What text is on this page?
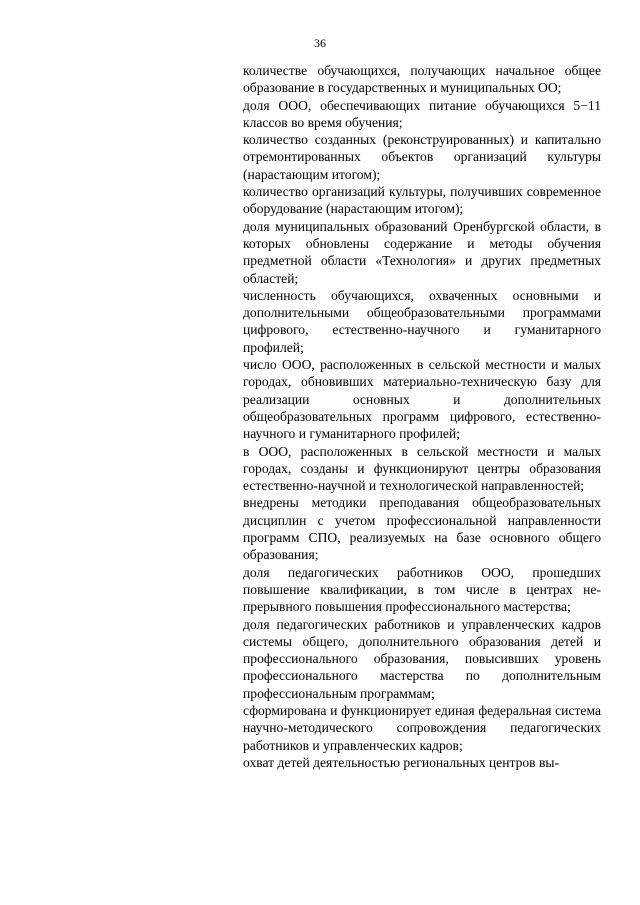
36

количестве обучающихся, получающих начальное общее образование в государственных и муниципальных ОО;

доля ООО, обеспечивающих питание обучающихся 5−11 классов во время обучения;

количество созданных (реконструированных) и капитально отремонтированных объектов организаций культуры (нарастающим итогом);

количество организаций культуры, получивших современное оборудование (нарастающим итогом);

доля муниципальных образований Оренбургской области, в которых обновлены содержание и методы обучения предметной области «Технология» и других предметных областей;

численность обучающихся, охваченных основными и дополнительными общеобразовательными программами цифрового, естественно-научного и гуманитарного профилей;

число ООО, расположенных в сельской местности и малых городах, обновивших материально-техническую базу для реализации основных и дополнительных общеобразовательных программ цифрового, естественно-научного и гуманитарного профилей;

в ООО, расположенных в сельской местности и малых городах, созданы и функционируют центры образования естественно-научной и технологической направленностей;

внедрены методики преподавания общеобразовательных дисциплин с учетом профессиональной направленности программ СПО, реализуемых на базе основного общего образования;

доля педагогических работников ООО, прошедших повышение квалификации, в том числе в центрах непрерывного повышения профессионального мастерства;

доля педагогических работников и управленческих кадров системы общего, дополнительного образования детей и профессионального образования, повысивших уровень профессионального мастерства по дополнительным профессиональным программам;

сформирована и функционирует единая федеральная система научно-методического сопровождения педагогических работников и управленческих кадров;

охват детей деятельностью региональных центров вы-
